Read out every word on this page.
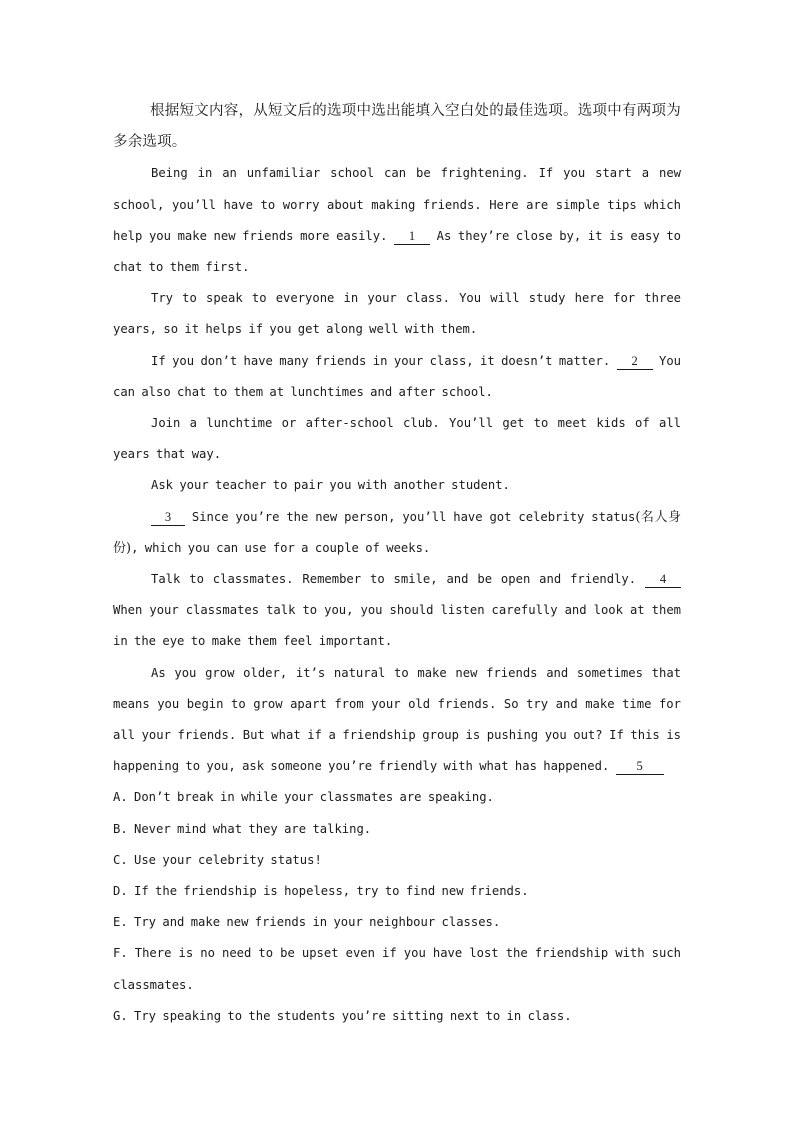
根据短文内容，从短文后的选项中选出能填入空白处的最佳选项。选项中有两项为多余选项。

Being in an unfamiliar school can be frightening. If you start a new school, you’ll have to worry about making friends. Here are simple tips which help you make new friends more easily. 1 As they’re close by, it is easy to chat to them first.

Try to speak to everyone in your class. You will study here for three years, so it helps if you get along well with them.

If you don’t have many friends in your class, it doesn’t matter. 2 You can also chat to them at lunchtimes and after school.

Join a lunchtime or after-school club. You’ll get to meet kids of all years that way.

Ask your teacher to pair you with another student.

3 Since you’re the new person, you’ll have got celebrity status(名人身份), which you can use for a couple of weeks.

Talk to classmates. Remember to smile, and be open and friendly. 4 When your classmates talk to you, you should listen carefully and look at them in the eye to make them feel important.

As you grow older, it’s natural to make new friends and sometimes that means you begin to grow apart from your old friends. So try and make time for all your friends. But what if a friendship group is pushing you out? If this is happening to you, ask someone you’re friendly with what has happened. 5

A. Don’t break in while your classmates are speaking.

B. Never mind what they are talking.

C. Use your celebrity status!

D. If the friendship is hopeless, try to find new friends.

E. Try and make new friends in your neighbour classes.

F. There is no need to be upset even if you have lost the friendship with such classmates.

G. Try speaking to the students you’re sitting next to in class.
